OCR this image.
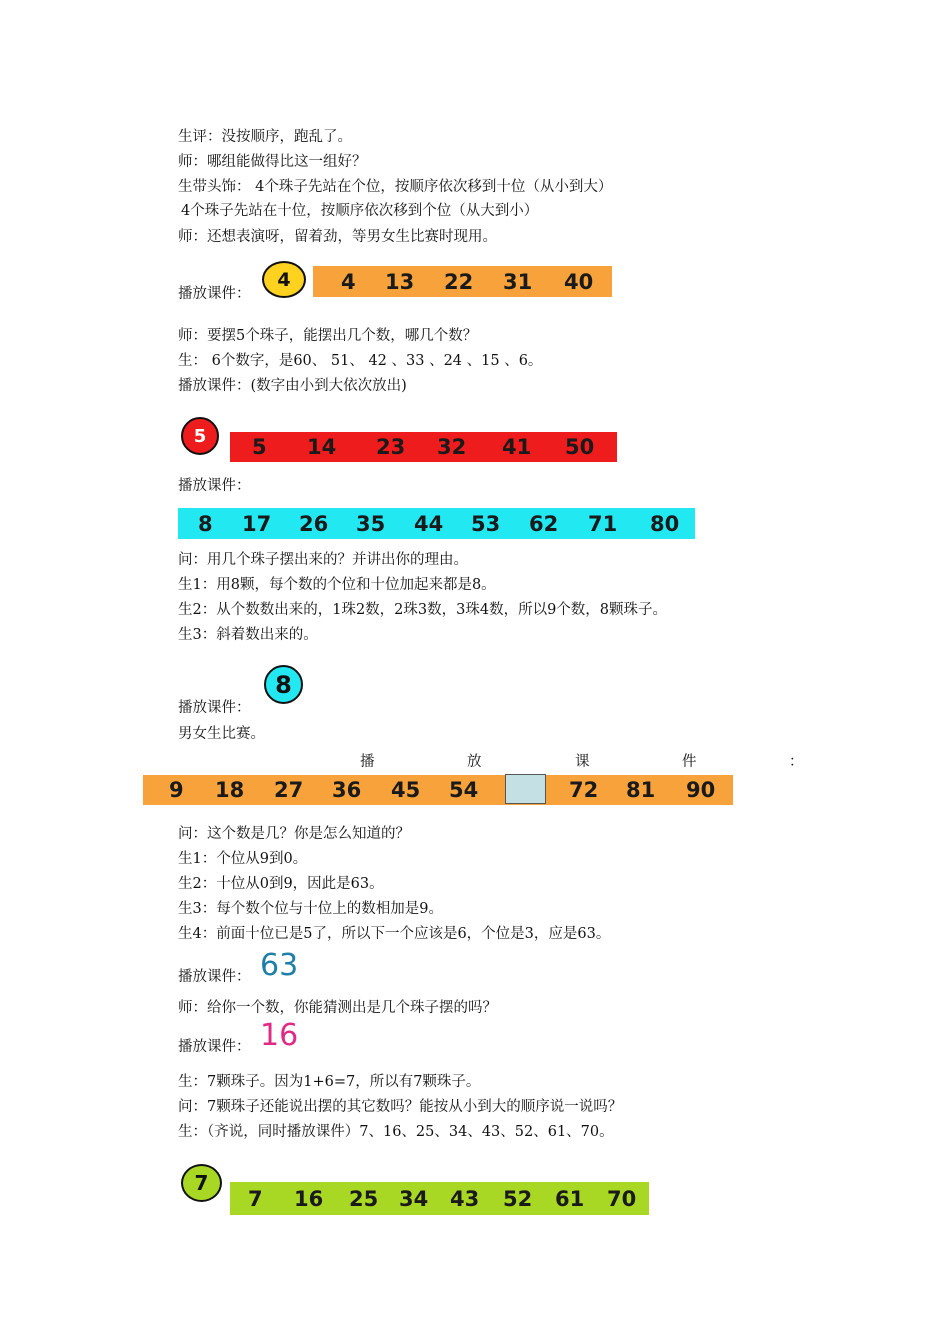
生评：没按顺序，跑乱了。
师：哪组能做得比这一组好？
生带头饰： 4个珠子先站在个位，按顺序依次移到十位（从小到大）
4个珠子先站在十位，按顺序依次移到个位（从大到小）
师：还想表演呀，留着劲，等男女生比赛时现用。
播放课件：
4 4 13 22 31 40
师：要摆5个珠子，能摆出几个数，哪几个数？
生： 6个数字，是60、 51、 42 、33 、24 、15 、6。
播放课件：(数字由小到大依次放出)
5 5 14 23 32 41 50
播放课件：
8 17 26 35 44 53 62 71 80
问：用几个珠子摆出来的？并讲出你的理由。
生1：用8颗，每个数的个位和十位加起来都是8。
生2：从个数数出来的，1珠2数，2珠3数，3珠4数，所以9个数，8颗珠子。
生3：斜着数出来的。
8
播放课件：
男女生比赛。
播	放	课	件	：
9 18 27 36 45 54	72 81 90
问：这个数是几？你是怎么知道的？
生1：个位从9到0。
生2：十位从0到9，因此是63。
生3：每个数个位与十位上的数相加是9。
生4：前面十位已是5了，所以下一个应该是6，个位是3，应是63。
播放课件： 63
师：给你一个数，你能猜测出是几个珠子摆的吗？
播放课件： 16
生：7颗珠子。因为1+6=7，所以有7颗珠子。
问：7颗珠子还能说出摆的其它数吗？能按从小到大的顺序说一说吗？
生：（齐说，同时播放课件）7、16、25、34、43、52、61、70。
7
7 16 25 34 43 52 61 70
